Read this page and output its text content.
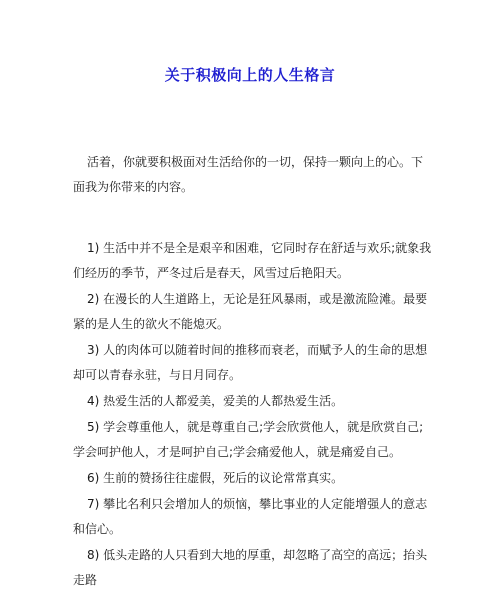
关于积极向上的人生格言

活着，你就要积极面对生活给你的一切，保持一颗向上的心。下面我为你带来的内容。

1) 生活中并不是全是艰辛和困难，它同时存在舒适与欢乐;就象我们经历的季节，严冬过后是春天，风雪过后艳阳天。

2) 在漫长的人生道路上，无论是狂风暴雨，或是激流险滩。最要紧的是人生的欲火不能熄灭。

3) 人的肉体可以随着时间的推移而衰老，而赋予人的生命的思想却可以青春永驻，与日月同存。

4) 热爱生活的人都爱美，爱美的人都热爱生活。

5) 学会尊重他人，就是尊重自己;学会欣赏他人，就是欣赏自己;学会呵护他人，才是呵护自己;学会痛爱他人，就是痛爱自己。

6) 生前的赞扬往往虚假，死后的议论常常真实。

7) 攀比名利只会增加人的烦恼，攀比事业的人定能增强人的意志和信心。

8) 低头走路的人只看到大地的厚重，却忽略了高空的高远；抬头走路
